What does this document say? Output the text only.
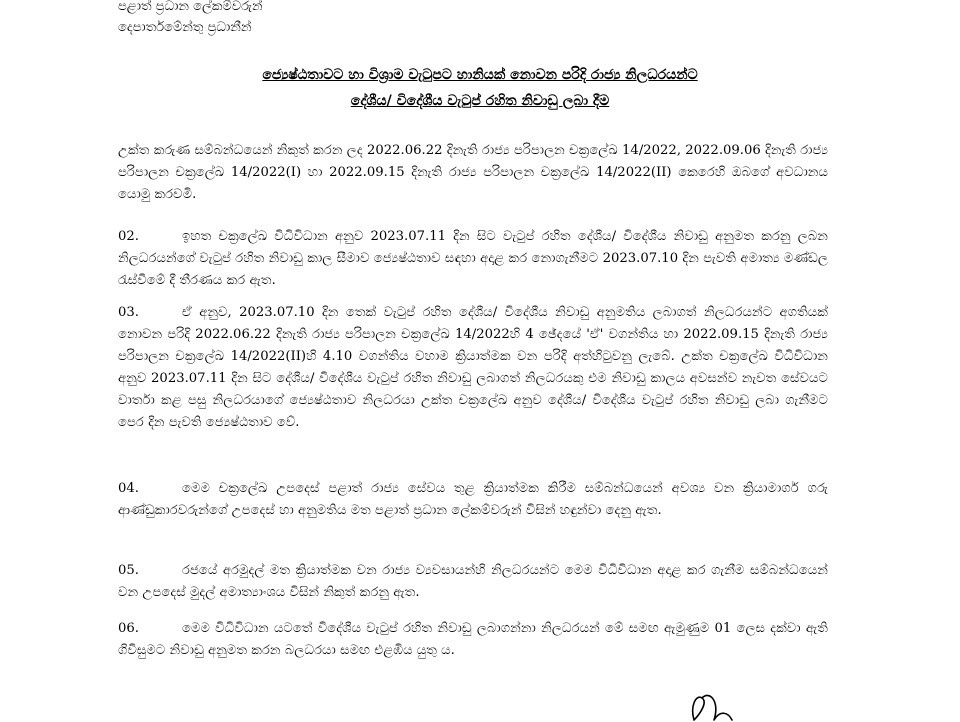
පළාත් ප්‍රධාන ලේකම්වරුන්
දෙපාර්තමේන්තු ප්‍රධානීන්
ජ්‍යෙෂ්ඨතාවට හා විශ්‍රාම වැටුපට හානියක් නොවන පරිදි රාජ්‍ය නිලධරයන්ට
දේශීය/ විදේශීය වැටුප් රහිත නිවාඩු ලබා දීම
උක්ත කරුණ සම්බන්ධයෙන් නිකුත් කරන ලද 2022.06.22 දිනැති රාජ්‍ය පරිපාලන චක්‍රලේඛ 14/2022, 2022.09.06 දිනැති රාජ්‍ය පරිපාලන චක්‍රලේඛ 14/2022(I) හා 2022.09.15 දිනැති රාජ්‍ය පරිපාලන චක්‍රලේඛ 14/2022(II) කෙරෙහි ඔබගේ අවධානය යොමු කරවමි.
02.	ඉහත චක්‍රලේඛ විධිවිධාන අනුව 2023.07.11 දින සිට වැටුප් රහිත දේශීය/ විදේශීය නිවාඩු අනුමත කරනු ලබන නිලධරයන්ගේ වැටුප් රහිත නිවාඩු කාල සීමාව ජ්‍යෙෂ්ඨතාව සඳහා අදාළ කර නොගැනීමට 2023.07.10 දින පැවති අමාත්‍ය මණ්ඩල රැස්වීමේ දී තීරණය කර ඇත.
03.	ඒ අනුව, 2023.07.10 දින තෙක් වැටුප් රහිත දේශීය/ විදේශීය නිවාඩු අනුමතිය ලබාගත් නිලධරයන්ට අගතියක් නොවන පරිදි 2022.06.22 දිනැති රාජ්‍ය පරිපාලන චක්‍රලේඛ 14/2022හි 4 ඡේදයේ 'ඒ' වගන්තිය හා 2022.09.15 දිනැති රාජ්‍ය පරිපාලන චක්‍රලේඛ 14/2022(II)හි 4.10 වගන්තිය වහාම ක්‍රියාත්මක වන පරිදි අත්හිටුවනු ලැබේ. උක්ත චක්‍රලේඛ විධිවිධාන අනුව 2023.07.11 දින සිට දේශීය/ විදේශීය වැටුප් රහිත නිවාඩු ලබාගත් නිලධරයකු එම නිවාඩු කාලය අවසන්ව නැවත සේවයට වාර්තා කළ පසු නිලධරයාගේ ජ්‍යෙෂ්ඨතාව නිලධරයා උක්ත චක්‍රලේඛ අනුව දේශීය/ විදේශීය වැටුප් රහිත නිවාඩු ලබා ගැනීමට පෙර දින පැවති ජ්‍යෙෂ්ඨතාව වේ.
04.	මෙම චක්‍රලේඛ උපදෙස් පළාත් රාජ්‍ය සේවය තුළ ක්‍රියාත්මක කිරීම සම්බන්ධයෙන් අවශ්‍ය වන ක්‍රියාමාර්ග ගරු ආණ්ඩුකාරවරුන්ගේ උපදෙස් හා අනුමතිය මත පළාත් ප්‍රධාන ලේකම්වරුන් විසින් හඳුන්වා දෙනු ඇත.
05.	රජයේ අරමුදල් මත ක්‍රියාත්මක වන රාජ්‍ය ව්‍යවසායන්හි නිලධරයන්ට මෙම විධිවිධාන අදාළ කර ගැනීම සම්බන්ධයෙන් වන උපදෙස් මුදල් අමාත්‍යාංශය විසින් නිකුත් කරනු ඇත.
06.	මෙම විධිවිධාන යටතේ විදේශීය වැටුප් රහිත නිවාඩු ලබාගන්නා නිලධරයන් මේ සමඟ ඇමුණුම 01 ලෙස දක්වා ඇති ගිවිසුමට නිවාඩු අනුමත කරන බලධරයා සමඟ එළඹිය යුතු ය.
